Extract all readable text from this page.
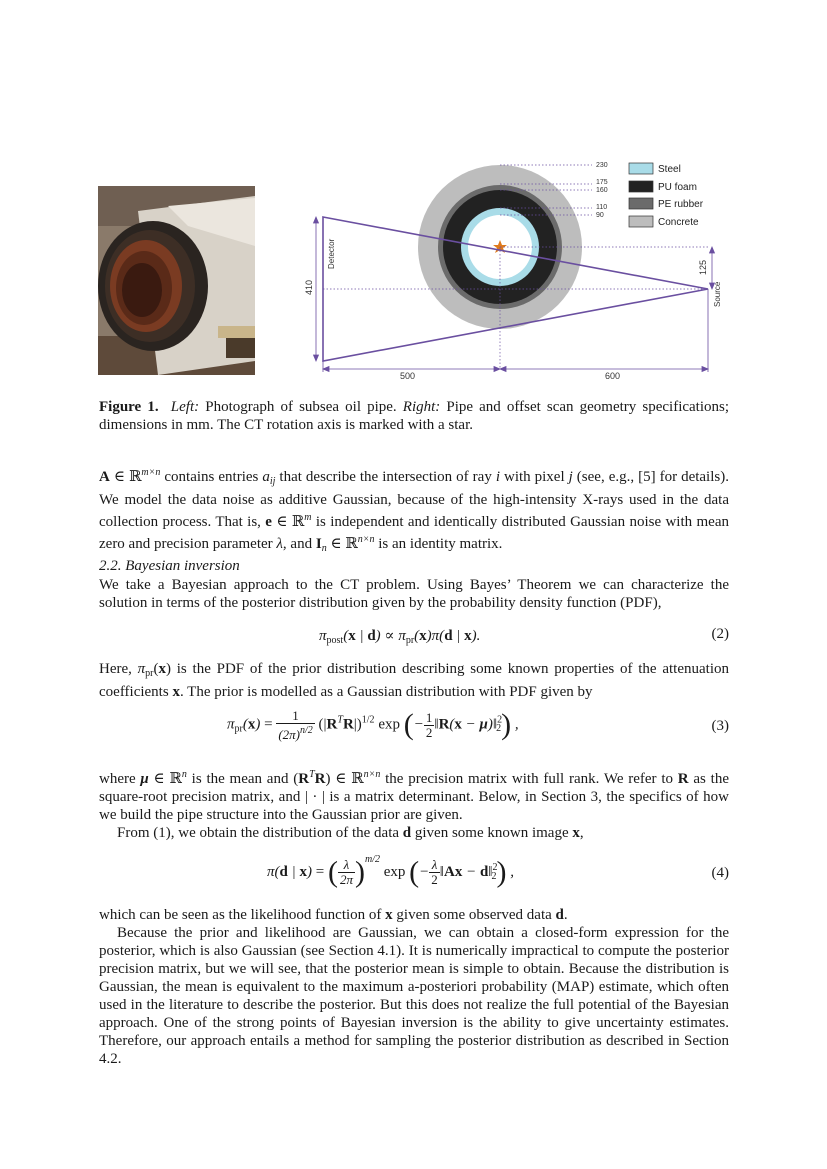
230
175
160
110
90
Steel
PU foam
PE rubber
Concrete
410
500	600
125
Detector
Source
Figure 1. Left: Photograph of subsea oil pipe. Right: Pipe and offset scan geometry specifications; dimensions in mm. The CT rotation axis is marked with a star.

A ∈ ℝ$^{m\times n}$ contains entries $a_{ij}$ that describe the intersection of ray i with pixel j (see, e.g., [5] for details). We model the data noise as additive Gaussian, because of the high-intensity X-rays used in the data collection process. That is, e ∈ ℝ$^m$ is independent and identically distributed Gaussian noise with mean zero and precision parameter λ, and $I_n$ ∈ ℝ$^{n\times n}$ is an identity matrix.

2.2. Bayesian inversion

We take a Bayesian approach to the CT problem. Using Bayes’ Theorem we can characterize the solution in terms of the posterior distribution given by the probability density function (PDF),

$\pi_{post}(x$ | $d) \propto \pi_{pr}(x)\pi(d$ | x).	(2)

Here, $\pi_{pr}(x)$ is the PDF of the prior distribution describing some known properties of the attenuation coefficients x. The prior is modelled as a Gaussian distribution with PDF given by

$\pi_{pr}(x) = \frac{1}{(2\pi)^{n/2}} (|R^TR|)^{1/2}$ exp (− $\frac{1}{2}$ ‖R(x − μ)‖$^2_2$) ,	(3)

where μ ∈ ℝ$^n$ is the mean and $(R^TR)$ ∈ ℝ$^{n\times n}$ the precision matrix with full rank. We refer to R as the square-root precision matrix, and | · | is a matrix determinant. Below, in Section 3, the specifics of how we build the pipe structure into the Gaussian prior are given.

From (1), we obtain the distribution of the data d given some known image x,

π(d | x) = ( $\frac{\lambda}{2\pi} )^{m/2}$ exp (− $\frac{\lambda}{2}$ ‖Ax − d‖$^2_2$) ,	(4)

which can be seen as the likelihood function of x given some observed data d.

Because the prior and likelihood are Gaussian, we can obtain a closed-form expression for the posterior, which is also Gaussian (see Section 4.1). It is numerically impractical to compute the posterior precision matrix, but we will see, that the posterior mean is simple to obtain. Because the distribution is Gaussian, the mean is equivalent to the maximum a-posteriori probability (MAP) estimate, which often used in the literature to describe the posterior. But this does not realize the full potential of the Bayesian approach. One of the strong points of Bayesian inversion is the ability to give uncertainty estimates. Therefore, our approach entails a method for sampling the posterior distribution as described in Section 4.2.
